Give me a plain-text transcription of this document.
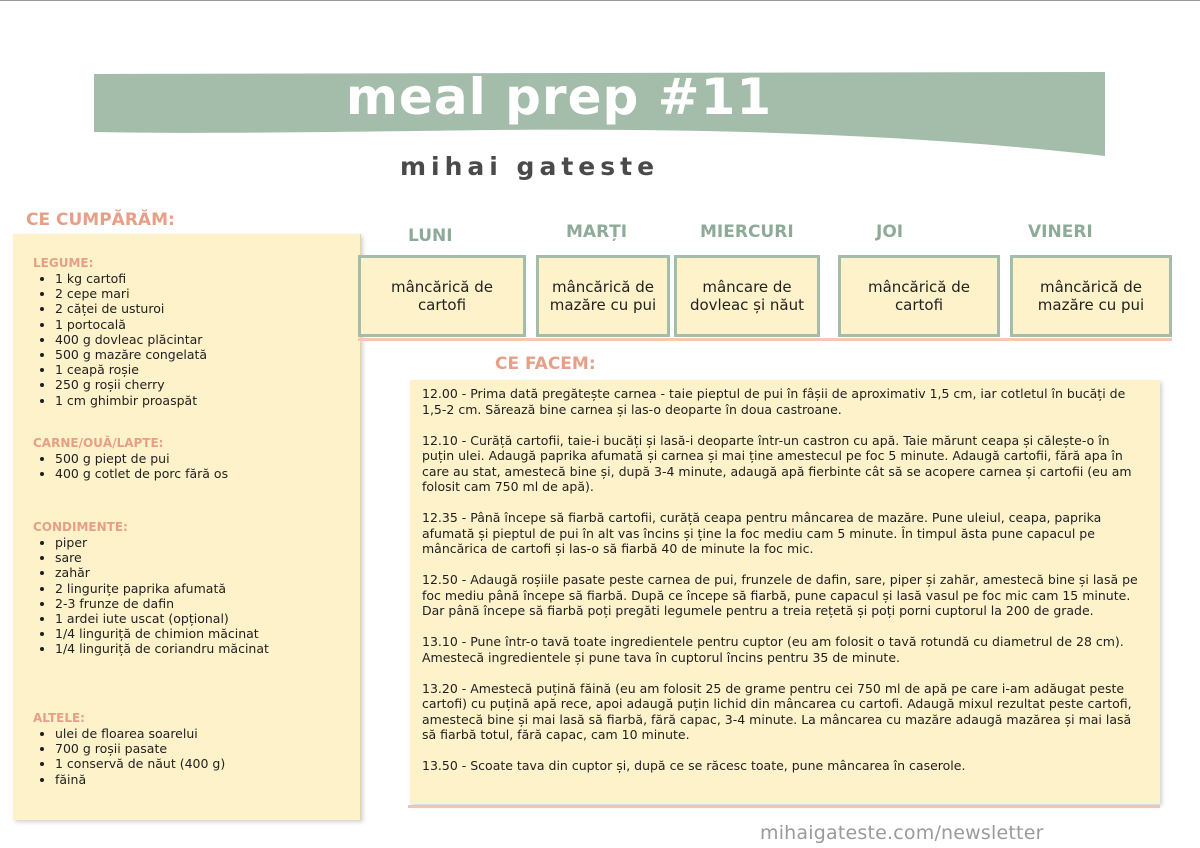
meal prep #11
mihai gateste
CE CUMPĂRĂM:

LEGUME:

• 1 kg cartofi
• 2 cepe mari
• 2 căței de usturoi
• 1 portocală
• 400 g dovleac plăcintar
• 500 g mazăre congelată
• 1 ceapă roșie
• 250 g roșii cherry
• 1 cm ghimbir proaspăt

CARNE/OUĂ/LAPTE:

• 500 g piept de pui
• 400 g cotlet de porc fără os

CONDIMENTE:

• piper
• sare
• zahăr
• 2 lingurițe paprika afumată
• 2-3 frunze de dafin
• 1 ardei iute uscat (opțional)
• 1/4 linguriță de chimion măcinat
• 1/4 linguriță de coriandru măcinat

ALTELE:

• ulei de floarea soarelui
• 700 g roșii pasate
• 1 conservă de năut (400 g)
• făină
LUNI	MARȚI	MIERCURI	JOI	VINERI
mâncărică de cartofi
mâncărică de mazăre cu pui
mâncare de dovleac și năut
mâncărică de cartofi
mâncărică de mazăre cu pui
CE FACEM:

12.00 - Prima dată pregătește carnea - taie pieptul de pui în fâșii de aproximativ 1,5 cm, iar cotletul în bucăți de 1,5-2 cm. Sărează bine carnea și las-o deoparte în doua castroane.

12.10 - Curăță cartofii, taie-i bucăți și lasă-i deoparte într-un castron cu apă. Taie mărunt ceapa și călește-o în puțin ulei. Adaugă paprika afumată și carnea și mai ține amestecul pe foc 5 minute. Adaugă cartofii, fără apa în care au stat, amestecă bine și, după 3-4 minute, adaugă apă fierbinte cât să se acopere carnea și cartofii (eu am folosit cam 750 ml de apă).

12.35 - Până începe să fiarbă cartofii, curăță ceapa pentru mâncarea de mazăre. Pune uleiul, ceapa, paprika afumată și pieptul de pui în alt vas încins și ține la foc mediu cam 5 minute. În timpul ăsta pune capacul pe mâncărica de cartofi și las-o să fiarbă 40 de minute la foc mic.

12.50 - Adaugă roșiile pasate peste carnea de pui, frunzele de dafin, sare, piper și zahăr, amestecă bine și lasă pe foc mediu până începe să fiarbă. După ce începe să fiarbă, pune capacul și lasă vasul pe foc mic cam 15 minute. Dar până începe să fiarbă poți pregăti legumele pentru a treia rețetă și poți porni cuptorul la 200 de grade.

13.10 - Pune într-o tavă toate ingredientele pentru cuptor (eu am folosit o tavă rotundă cu diametrul de 28 cm). Amestecă ingredientele și pune tava în cuptorul încins pentru 35 de minute.

13.20 - Amestecă puțină făină (eu am folosit 25 de grame pentru cei 750 ml de apă pe care i-am adăugat peste cartofi) cu puțină apă rece, apoi adaugă puțin lichid din mâncarea cu cartofi. Adaugă mixul rezultat peste cartofi, amestecă bine și mai lasă să fiarbă, fără capac, 3-4 minute. La mâncarea cu mazăre adaugă mazărea și mai lasă să fiarbă totul, fără capac, cam 10 minute.

13.50 - Scoate tava din cuptor și, după ce se răcesc toate, pune mâncarea în caserole.

mihaigateste.com/newsletter
